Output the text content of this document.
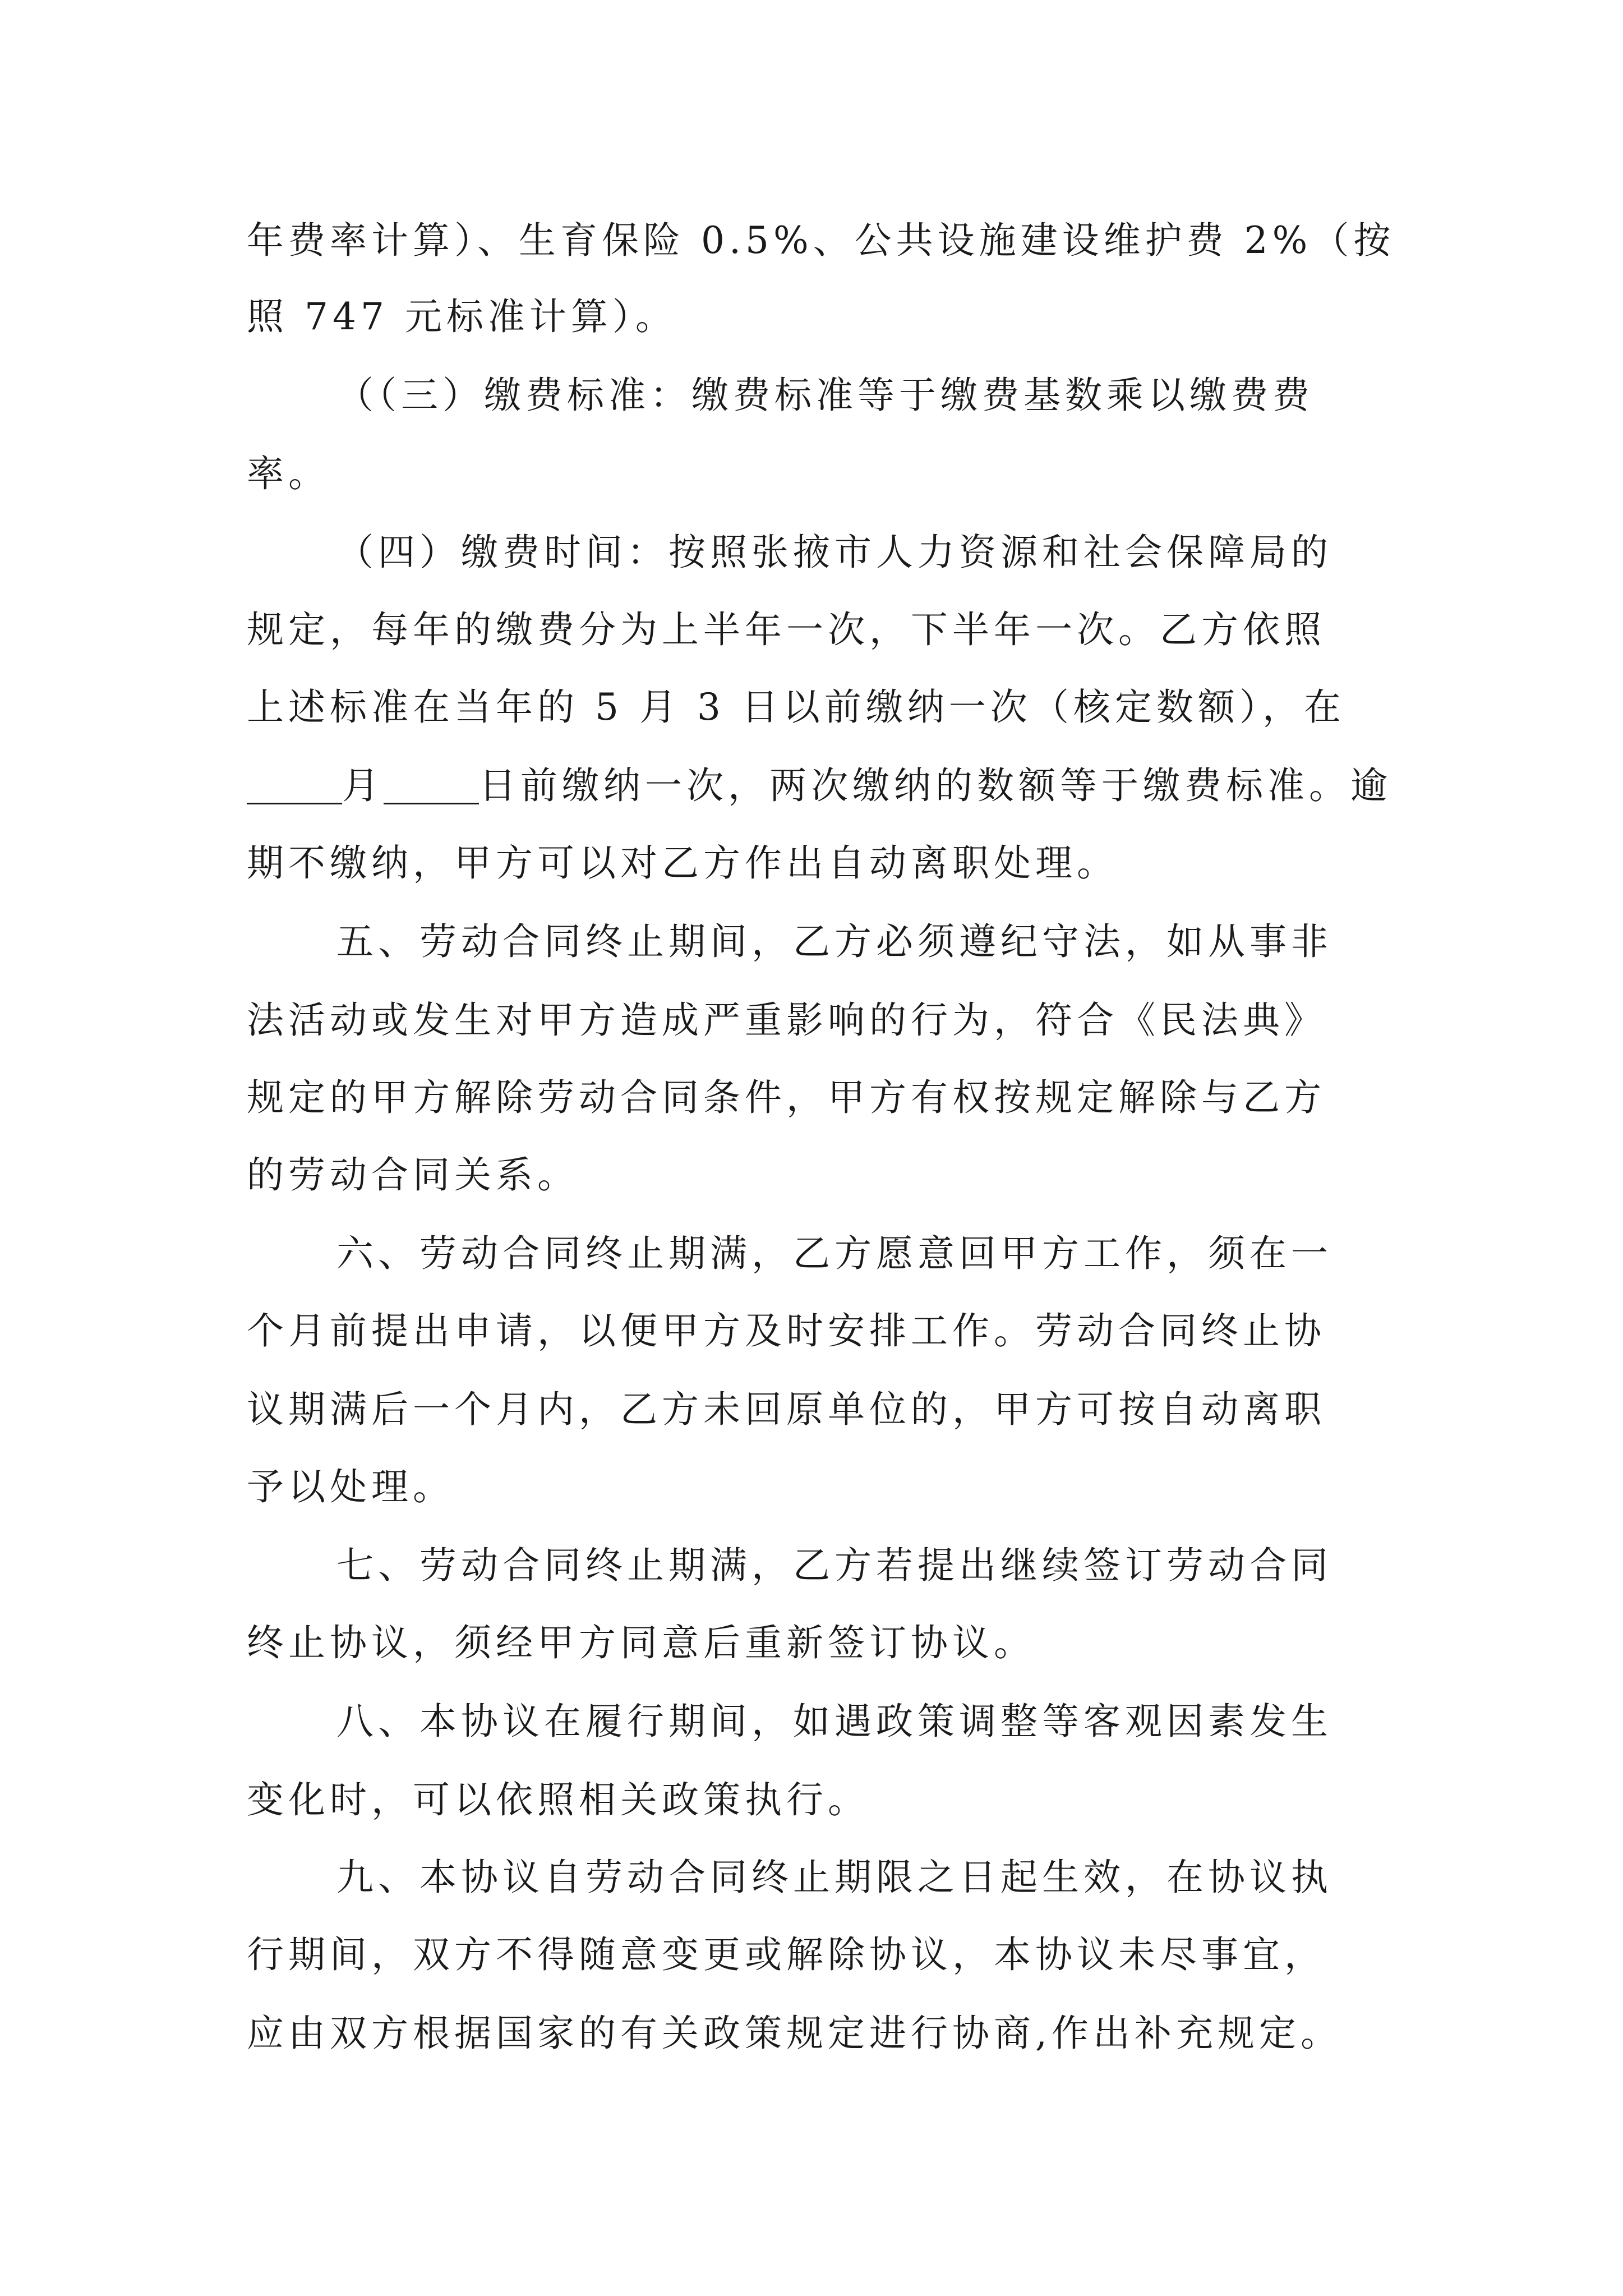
年费率计算）、生育保险 0.5%、公共设施建设维护费 2%（按
照 747 元标准计算）。
（（三）缴费标准：缴费标准等于缴费基数乘以缴费费
率。
（四）缴费时间：按照张掖市人力资源和社会保障局的
规定，每年的缴费分为上半年一次，下半年一次。乙方依照
上述标准在当年的 5 月 3 日以前缴纳一次（核定数额），在
月	日前缴纳一次，两次缴纳的数额等于缴费标准。逾
期不缴纳，甲方可以对乙方作出自动离职处理。
五、劳动合同终止期间，乙方必须遵纪守法，如从事非
法活动或发生对甲方造成严重影响的行为，符合《民法典》
规定的甲方解除劳动合同条件，甲方有权按规定解除与乙方
的劳动合同关系。
六、劳动合同终止期满，乙方愿意回甲方工作，须在一
个月前提出申请，以便甲方及时安排工作。劳动合同终止协
议期满后一个月内，乙方未回原单位的，甲方可按自动离职
予以处理。
七、劳动合同终止期满，乙方若提出继续签订劳动合同
终止协议，须经甲方同意后重新签订协议。
八、本协议在履行期间，如遇政策调整等客观因素发生
变化时，可以依照相关政策执行。
九、本协议自劳动合同终止期限之日起生效，在协议执
行期间，双方不得随意变更或解除协议，本协议未尽事宜，
应由双方根据国家的有关政策规定进行协商,作出补充规定。
